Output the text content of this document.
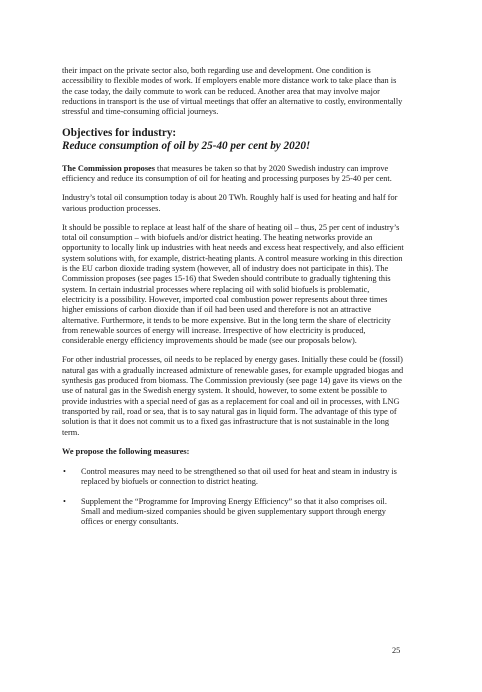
their impact on the private sector also, both regarding use and development. One condition is accessibility to flexible modes of work. If employers enable more distance work to take place than is the case today, the daily commute to work can be reduced. Another area that may involve major reductions in transport is the use of virtual meetings that offer an alternative to costly, environmentally stressful and time-consuming official journeys.

Objectives for industry:
Reduce consumption of oil by 25-40 per cent by 2020!

The Commission proposes that measures be taken so that by 2020 Swedish industry can improve efficiency and reduce its consumption of oil for heating and processing purposes by 25-40 per cent.

Industry’s total oil consumption today is about 20 TWh. Roughly half is used for heating and half for various production processes.

It should be possible to replace at least half of the share of heating oil – thus, 25 per cent of industry’s total oil consumption – with biofuels and/or district heating. The heating networks provide an opportunity to locally link up industries with heat needs and excess heat respectively, and also efficient system solutions with, for example, district-heating plants. A control measure working in this direction is the EU carbon dioxide trading system (however, all of industry does not participate in this). The Commission proposes (see pages 15-16) that Sweden should contribute to gradually tightening this system. In certain industrial processes where replacing oil with solid biofuels is problematic, electricity is a possibility. However, imported coal combustion power represents about three times higher emissions of carbon dioxide than if oil had been used and therefore is not an attractive alternative. Furthermore, it tends to be more expensive. But in the long term the share of electricity from renewable sources of energy will increase. Irrespective of how electricity is produced, considerable energy efficiency improvements should be made (see our proposals below).

For other industrial processes, oil needs to be replaced by energy gases. Initially these could be (fossil) natural gas with a gradually increased admixture of renewable gases, for example upgraded biogas and synthesis gas produced from biomass. The Commission previously (see page 14) gave its views on the use of natural gas in the Swedish energy system. It should, however, to some extent be possible to provide industries with a special need of gas as a replacement for coal and oil in processes, with LNG transported by rail, road or sea, that is to say natural gas in liquid form. The advantage of this type of solution is that it does not commit us to a fixed gas infrastructure that is not sustainable in the long term.

We propose the following measures:
• Control measures may need to be strengthened so that oil used for heat and steam in industry is replaced by biofuels or connection to district heating.
• Supplement the “Programme for Improving Energy Efficiency” so that it also comprises oil. Small and medium-sized companies should be given supplementary support through energy offices or energy consultants.
25
